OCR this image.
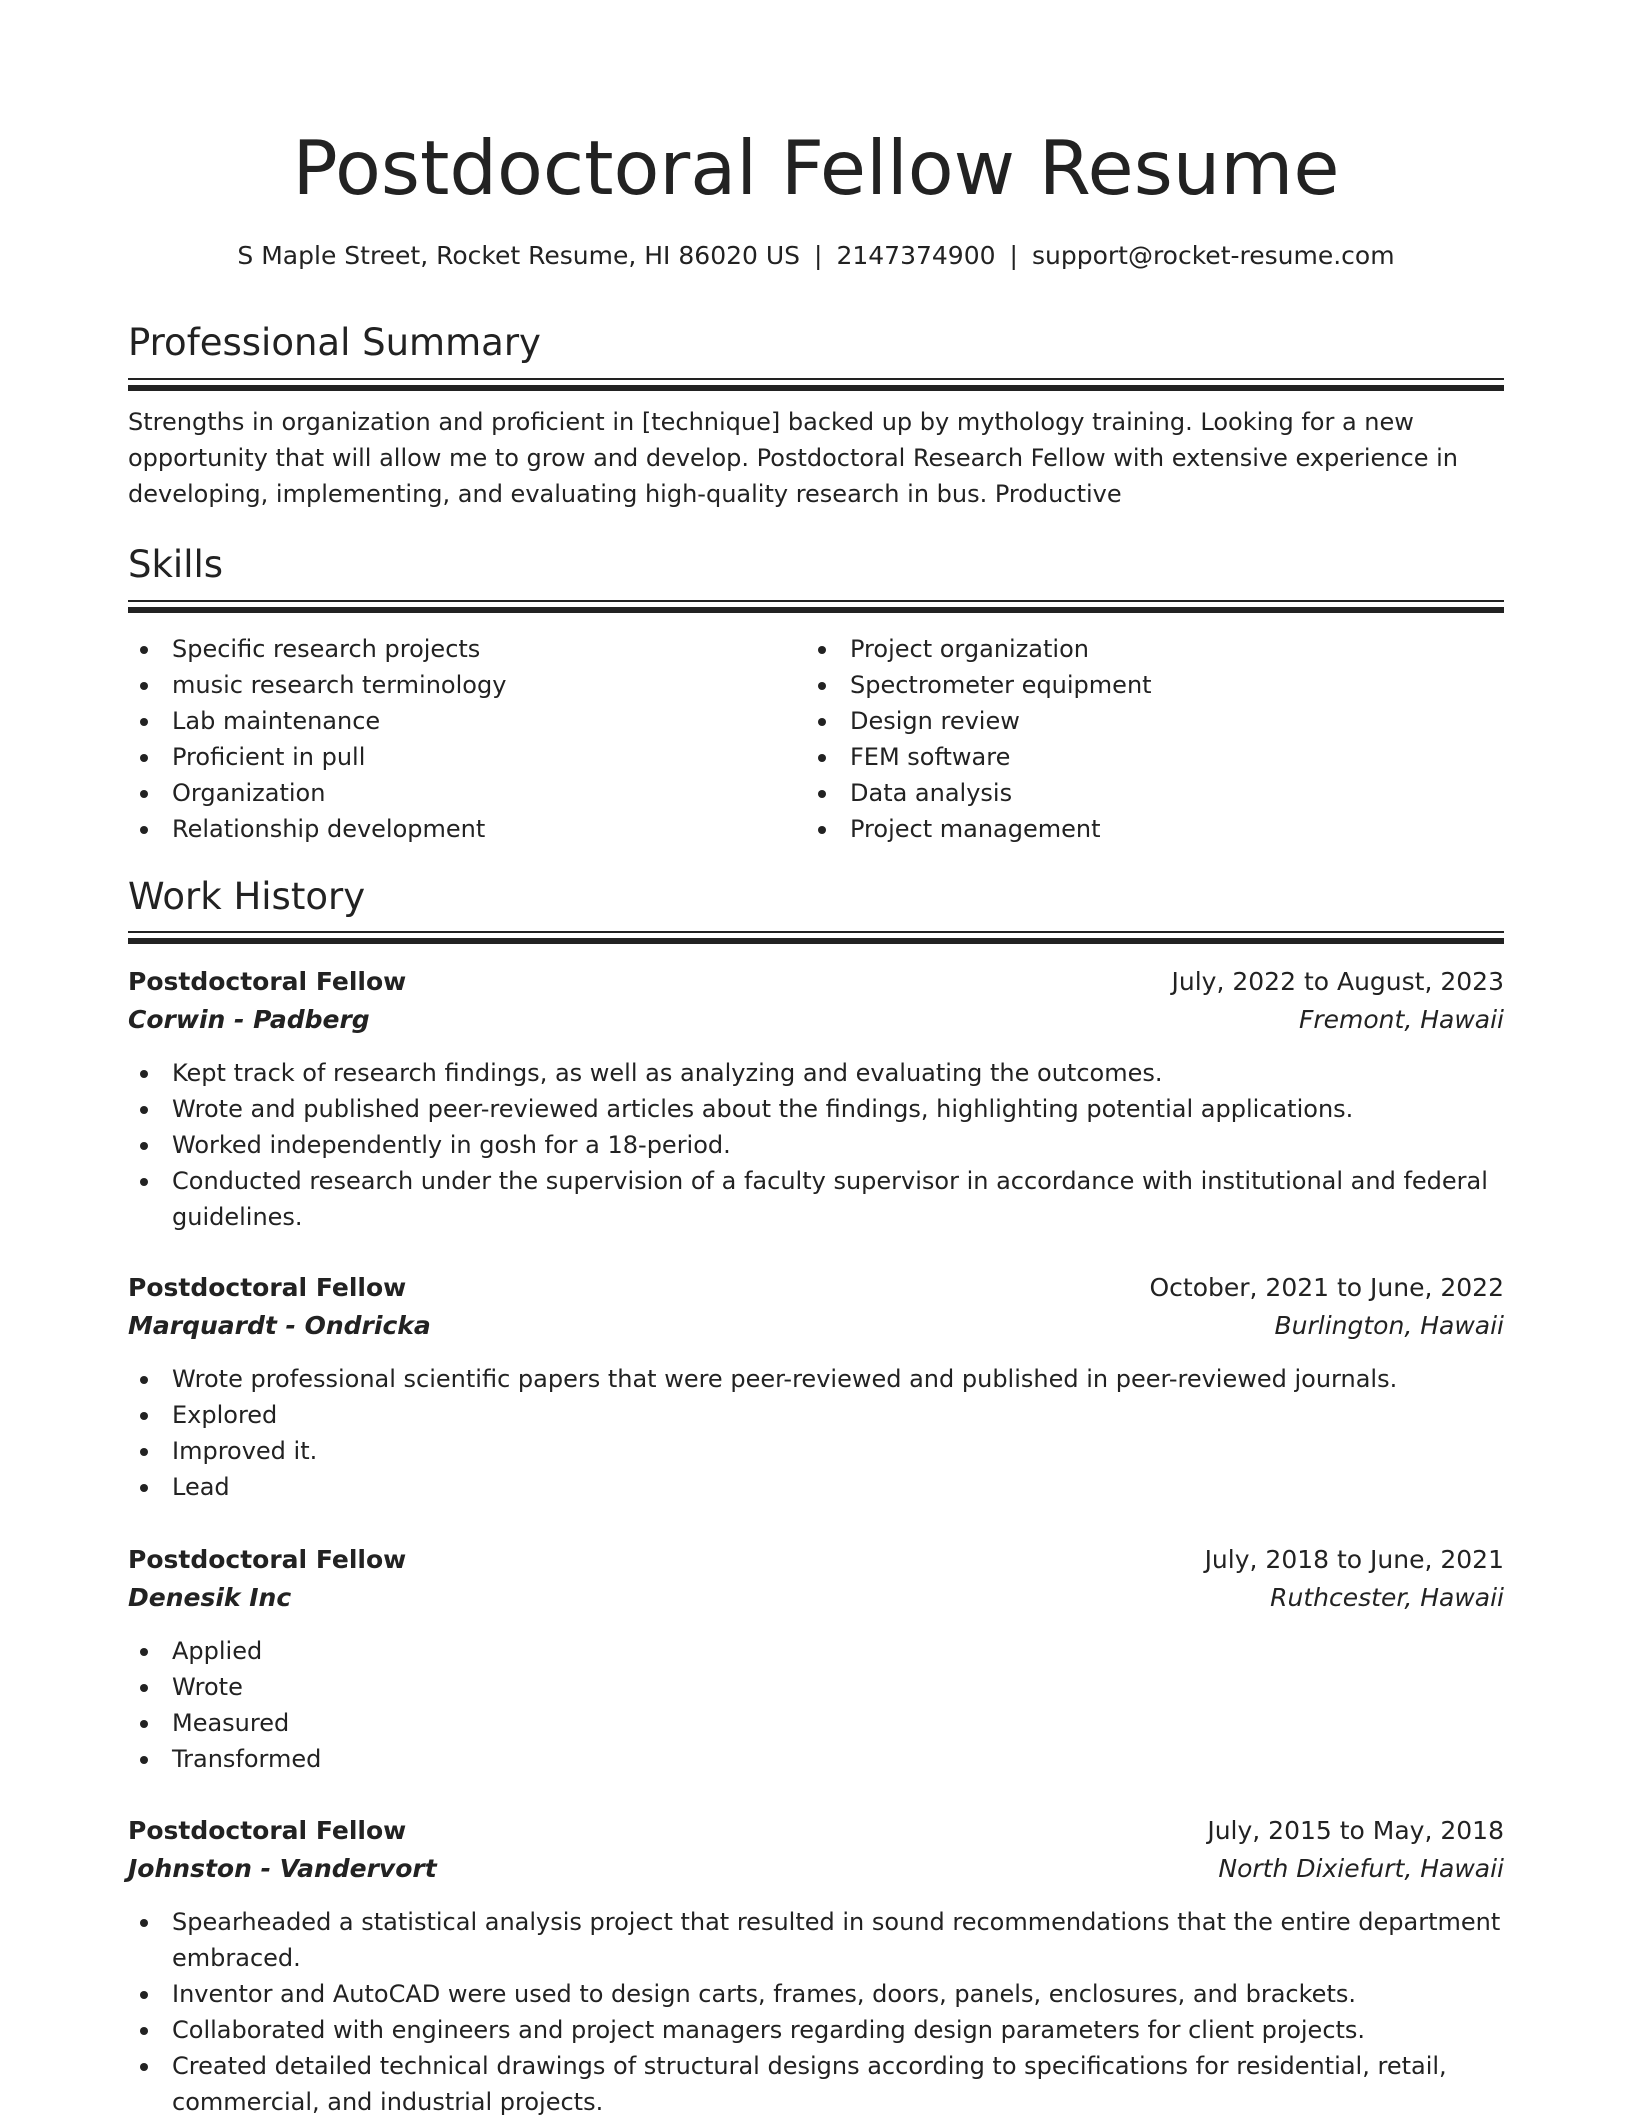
Postdoctoral Fellow Resume
S Maple Street, Rocket Resume, HI 86020 US | 2147374900 | support@rocket-resume.com
Professional Summary

Strengths in organization and proficient in [technique] backed up by mythology training. Looking for a new opportunity that will allow me to grow and develop. Postdoctoral Research Fellow with extensive experience in developing, implementing, and evaluating high-quality research in bus. Productive

Skills
Specific research projects
music research terminology
Lab maintenance
Proficient in pull
Organization
Relationship development
Project organization
Spectrometer equipment
Design review
FEM software
Data analysis
Project management
Work History
Postdoctoral Fellow	July, 2022 to August, 2023
Corwin - Padberg	Fremont, Hawaii
Kept track of research findings, as well as analyzing and evaluating the outcomes.
Wrote and published peer-reviewed articles about the findings, highlighting potential applications.
Worked independently in gosh for a 18-period.
Conducted research under the supervision of a faculty supervisor in accordance with institutional and federal guidelines.
Postdoctoral Fellow	October, 2021 to June, 2022
Marquardt - Ondricka	Burlington, Hawaii
Wrote professional scientific papers that were peer-reviewed and published in peer-reviewed journals.
Explored
Improved it.
Lead
Postdoctoral Fellow	July, 2018 to June, 2021
Denesik Inc	Ruthcester, Hawaii
Applied
Wrote
Measured
Transformed
Postdoctoral Fellow	July, 2015 to May, 2018
Johnston - Vandervort	North Dixiefurt, Hawaii
Spearheaded a statistical analysis project that resulted in sound recommendations that the entire department embraced.
Inventor and AutoCAD were used to design carts, frames, doors, panels, enclosures, and brackets.
Collaborated with engineers and project managers regarding design parameters for client projects.
Created detailed technical drawings of structural designs according to specifications for residential, retail, commercial, and industrial projects.
